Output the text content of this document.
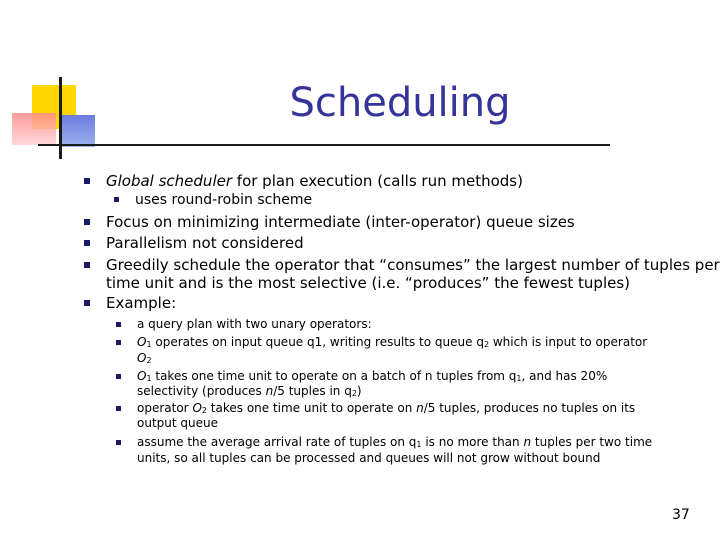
Scheduling
Global scheduler for plan execution (calls run methods)
uses round-robin scheme
Focus on minimizing intermediate (inter-operator) queue sizes
Parallelism not considered
Greedily schedule the operator that “consumes” the largest number of tuples per
time unit and is the most selective (i.e. “produces” the fewest tuples)
Example:
a query plan with two unary operators:
$O_1$ operates on input queue q1, writing results to queue $q_2$ which is input to operator
$O_2$
$O_1$ takes one time unit to operate on a batch of n tuples from $q_1$, and has 20%
selectivity (produces n/5 tuples in $q_2$)
operator $O_2$ takes one time unit to operate on n/5 tuples, produces no tuples on its
output queue
assume the average arrival rate of tuples on $q_1$ is no more than n tuples per two time
units, so all tuples can be processed and queues will not grow without bound
37
